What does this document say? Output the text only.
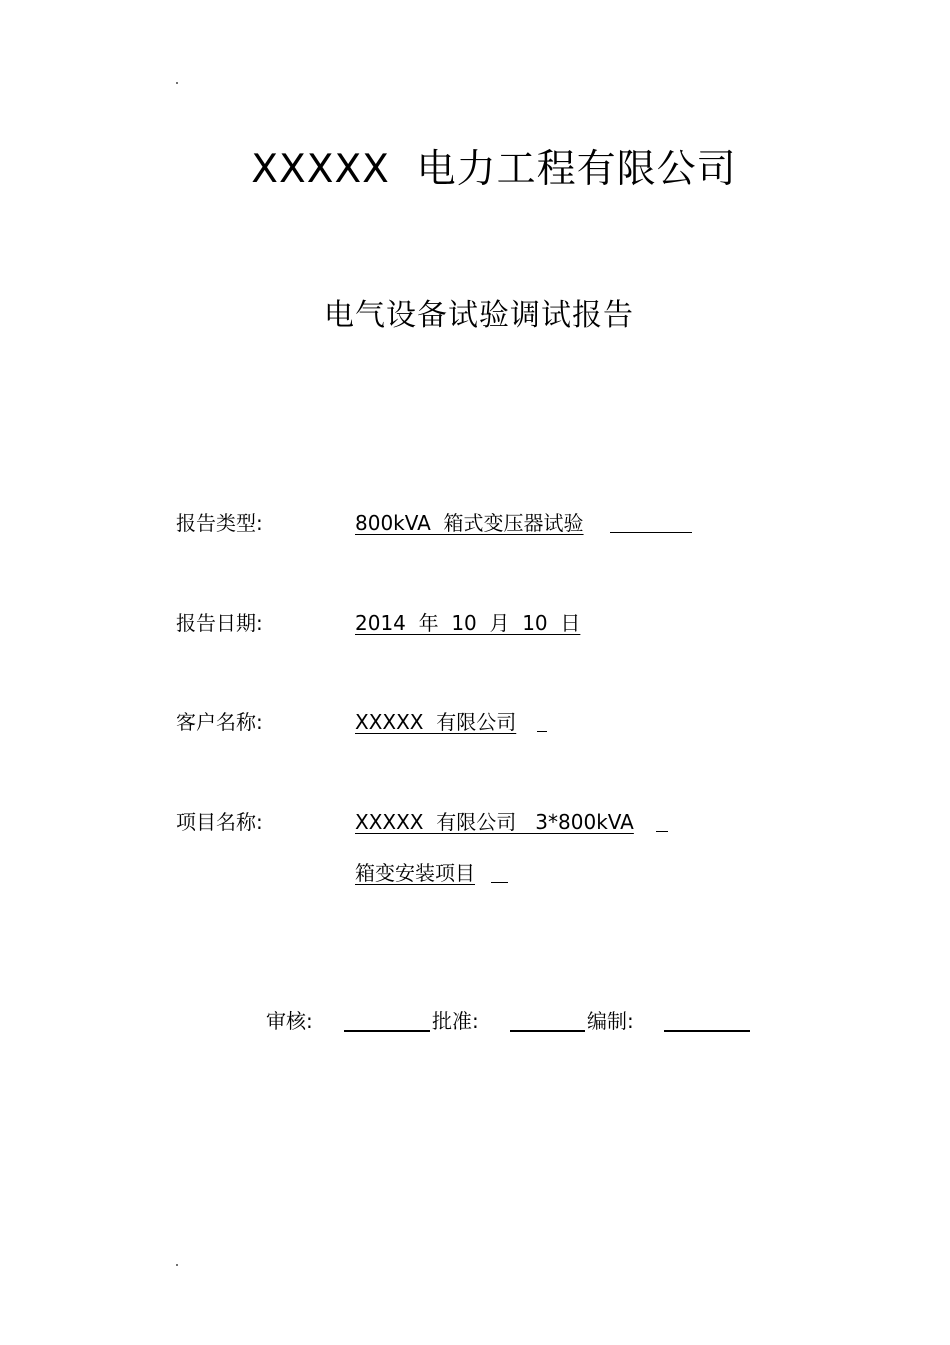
XXXXX  电力工程有限公司
电气设备试验调试报告
报告类型:	800kVA  箱式变压器试验
报告日期:	2014  年  10  月  10  日
客户名称:	XXXXX  有限公司
项目名称:	XXXXX  有限公司   3*800kVA
箱变安装项目
审核:	批准:	编制:
